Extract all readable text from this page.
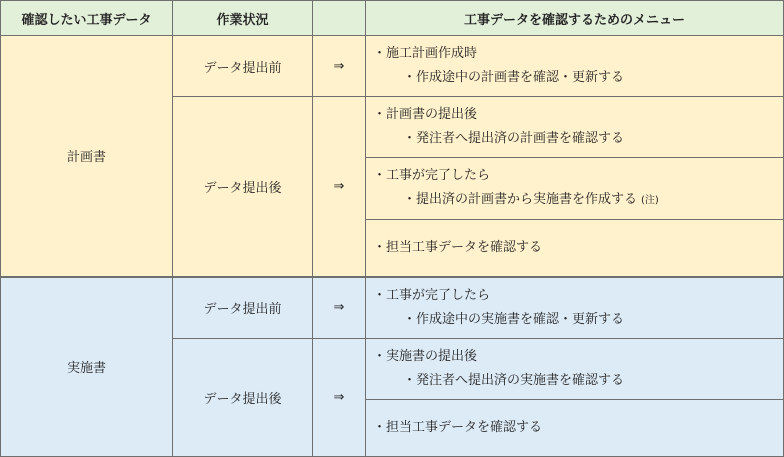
確認したい工事データ	作業状況		工事データを確認するためのメニュー
計画書	データ提出前	⇒	・施工計画作成時
・作成途中の計画書を確認・更新する

	データ提出後	⇒	・計画書の提出後
・発注者へ提出済の計画書を確認する

			・工事が完了したら
・提出済の計画書から実施書を作成する (注)

			・担当工事データを確認する

実施書	データ提出前	⇒	・工事が完了したら
・作成途中の実施書を確認・更新する

	データ提出後	⇒	・実施書の提出後
・発注者へ提出済の実施書を確認する

			・担当工事データを確認する
